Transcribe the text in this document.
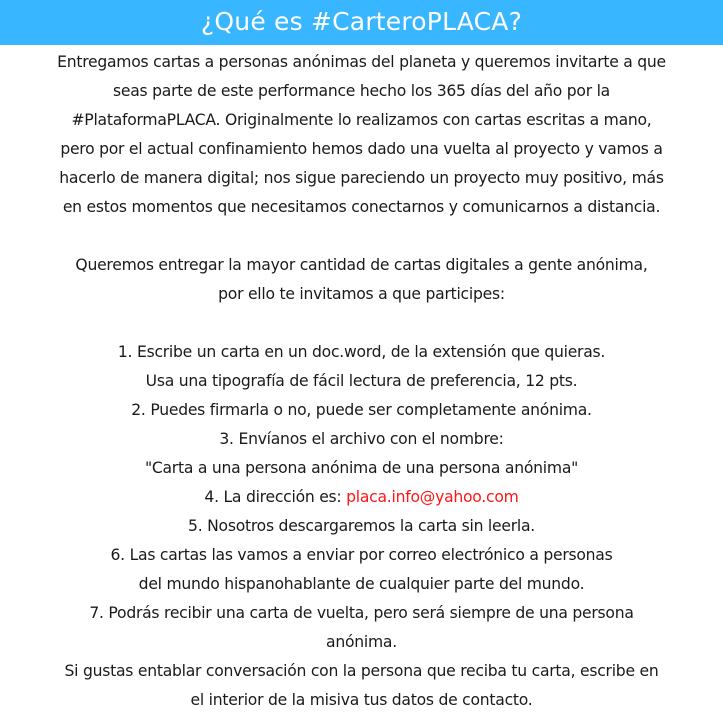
¿Qué es #CarteroPLACA?
Entregamos cartas a personas anónimas del planeta y queremos invitarte a que
seas parte de este performance hecho los 365 días del año por la
#PlataformaPLACA. Originalmente lo realizamos con cartas escritas a mano,
pero por el actual confinamiento hemos dado una vuelta al proyecto y vamos a
hacerlo de manera digital; nos sigue pareciendo un proyecto muy positivo, más
en estos momentos que necesitamos conectarnos y comunicarnos a distancia.
Queremos entregar la mayor cantidad de cartas digitales a gente anónima,
por ello te invitamos a que participes:
1. Escribe un carta en un doc.word, de la extensión que quieras.
Usa una tipografía de fácil lectura de preferencia, 12 pts.
2. Puedes firmarla o no, puede ser completamente anónima.
3. Envíanos el archivo con el nombre:
"Carta a una persona anónima de una persona anónima"
4. La dirección es: placa.info@yahoo.com
5. Nosotros descargaremos la carta sin leerla.
6. Las cartas las vamos a enviar por correo electrónico a personas
del mundo hispanohablante de cualquier parte del mundo.
7. Podrás recibir una carta de vuelta, pero será siempre de una persona
anónima.
Si gustas entablar conversación con la persona que reciba tu carta, escribe en
el interior de la misiva tus datos de contacto.
